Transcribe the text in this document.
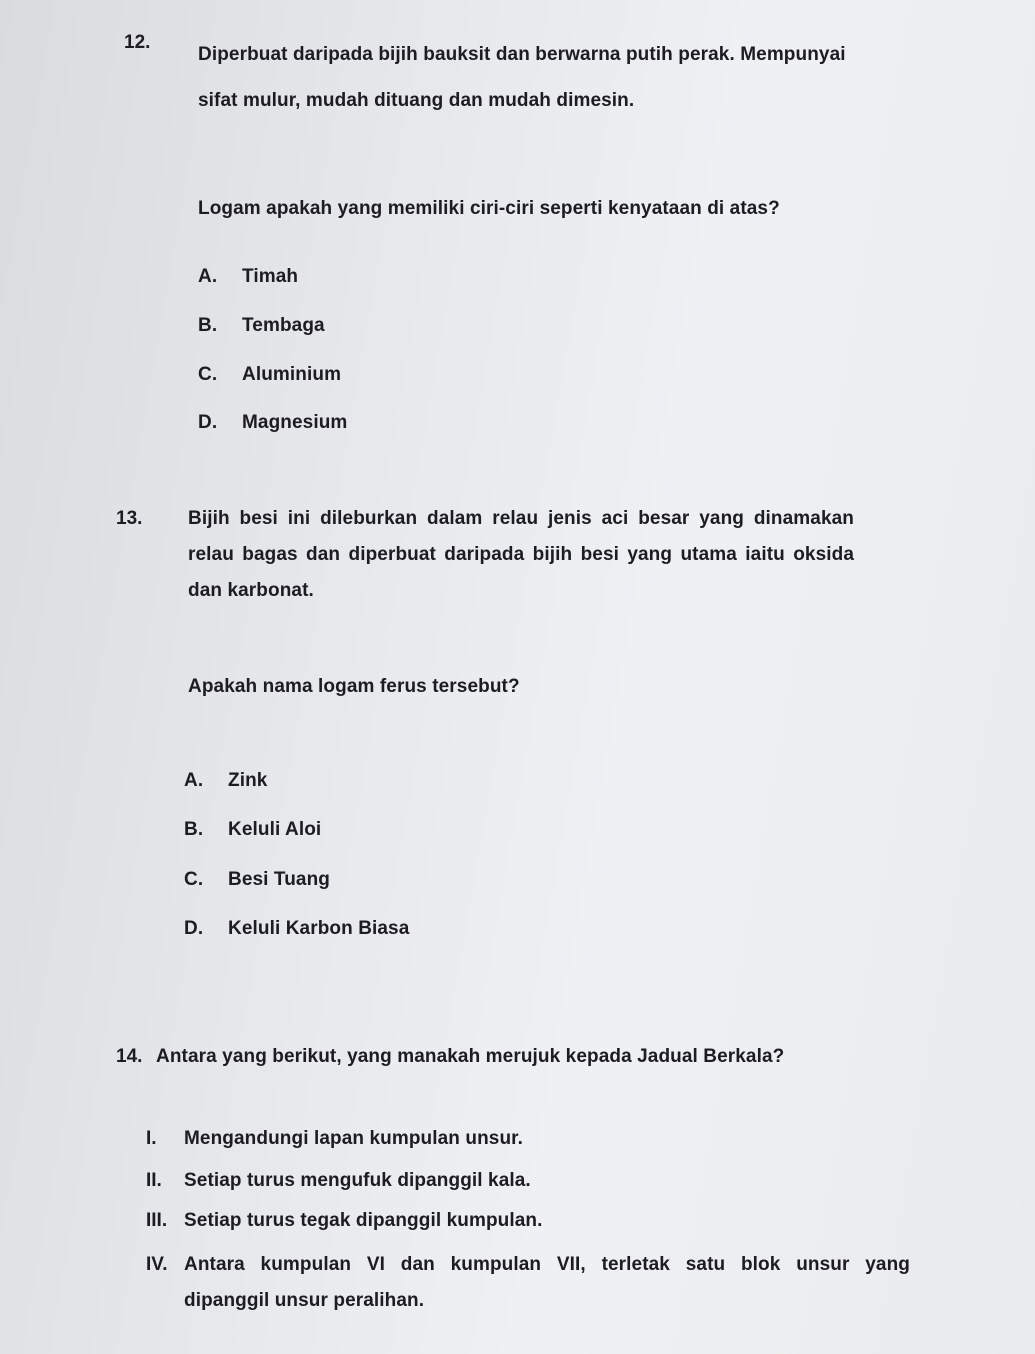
12.
Diperbuat daripada bijih bauksit dan berwarna putih perak. Mempunyai
sifat mulur, mudah dituang dan mudah dimesin.
Logam apakah yang memiliki ciri-ciri seperti kenyataan di atas?
A. Timah
B. Tembaga
C. Aluminium
D. Magnesium
13. Bijih besi ini dileburkan dalam relau jenis aci besar yang dinamakan
relau bagas dan diperbuat daripada bijih besi yang utama iaitu oksida
dan karbonat.
Apakah nama logam ferus tersebut?
A. Zink
B. Keluli Aloi
C. Besi Tuang
D. Keluli Karbon Biasa
14. Antara yang berikut, yang manakah merujuk kepada Jadual Berkala?
I. Mengandungi lapan kumpulan unsur.
II. Setiap turus mengufuk dipanggil kala.
III. Setiap turus tegak dipanggil kumpulan.
IV. Antara kumpulan VI dan kumpulan VII, terletak satu blok unsur yang
dipanggil unsur peralihan.
